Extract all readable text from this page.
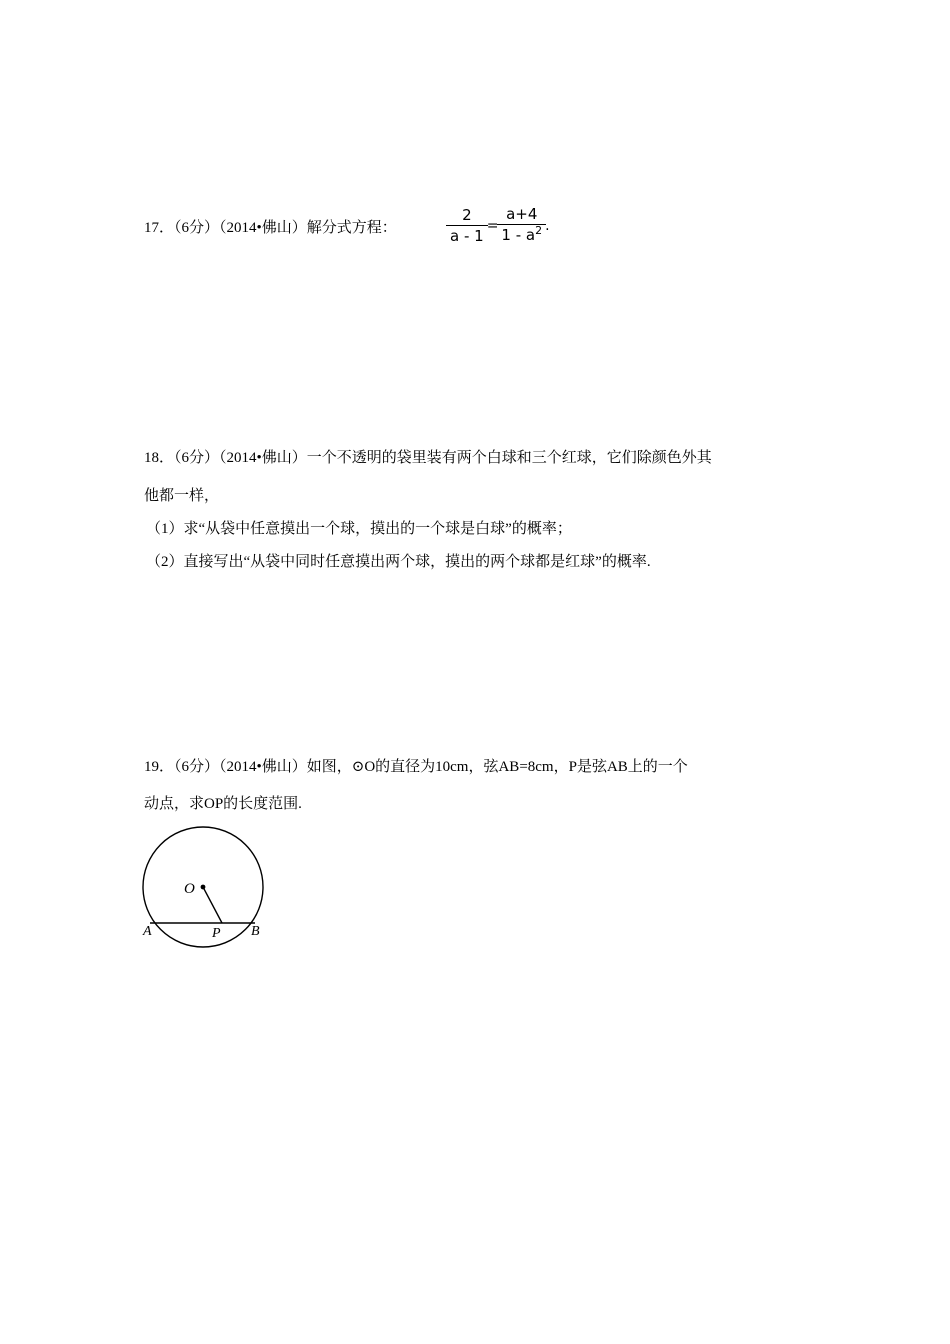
17．（6分）（2014•佛山）解分式方程：	$\frac{2}{a - 1} = \frac{a+4}{1 - a^2}$ .
18．（6分）（2014•佛山）一个不透明的袋里装有两个白球和三个红球，它们除颜色外其
他都一样，
（1）求“从袋中任意摸出一个球，摸出的一个球是白球”的概率；
（2）直接写出“从袋中同时任意摸出两个球，摸出的两个球都是红球”的概率.
19．（6分）（2014•佛山）如图，⊙O的直径为10cm，弦AB=8cm，P是弦AB上的一个
动点，求OP的长度范围.
O
A	P B
